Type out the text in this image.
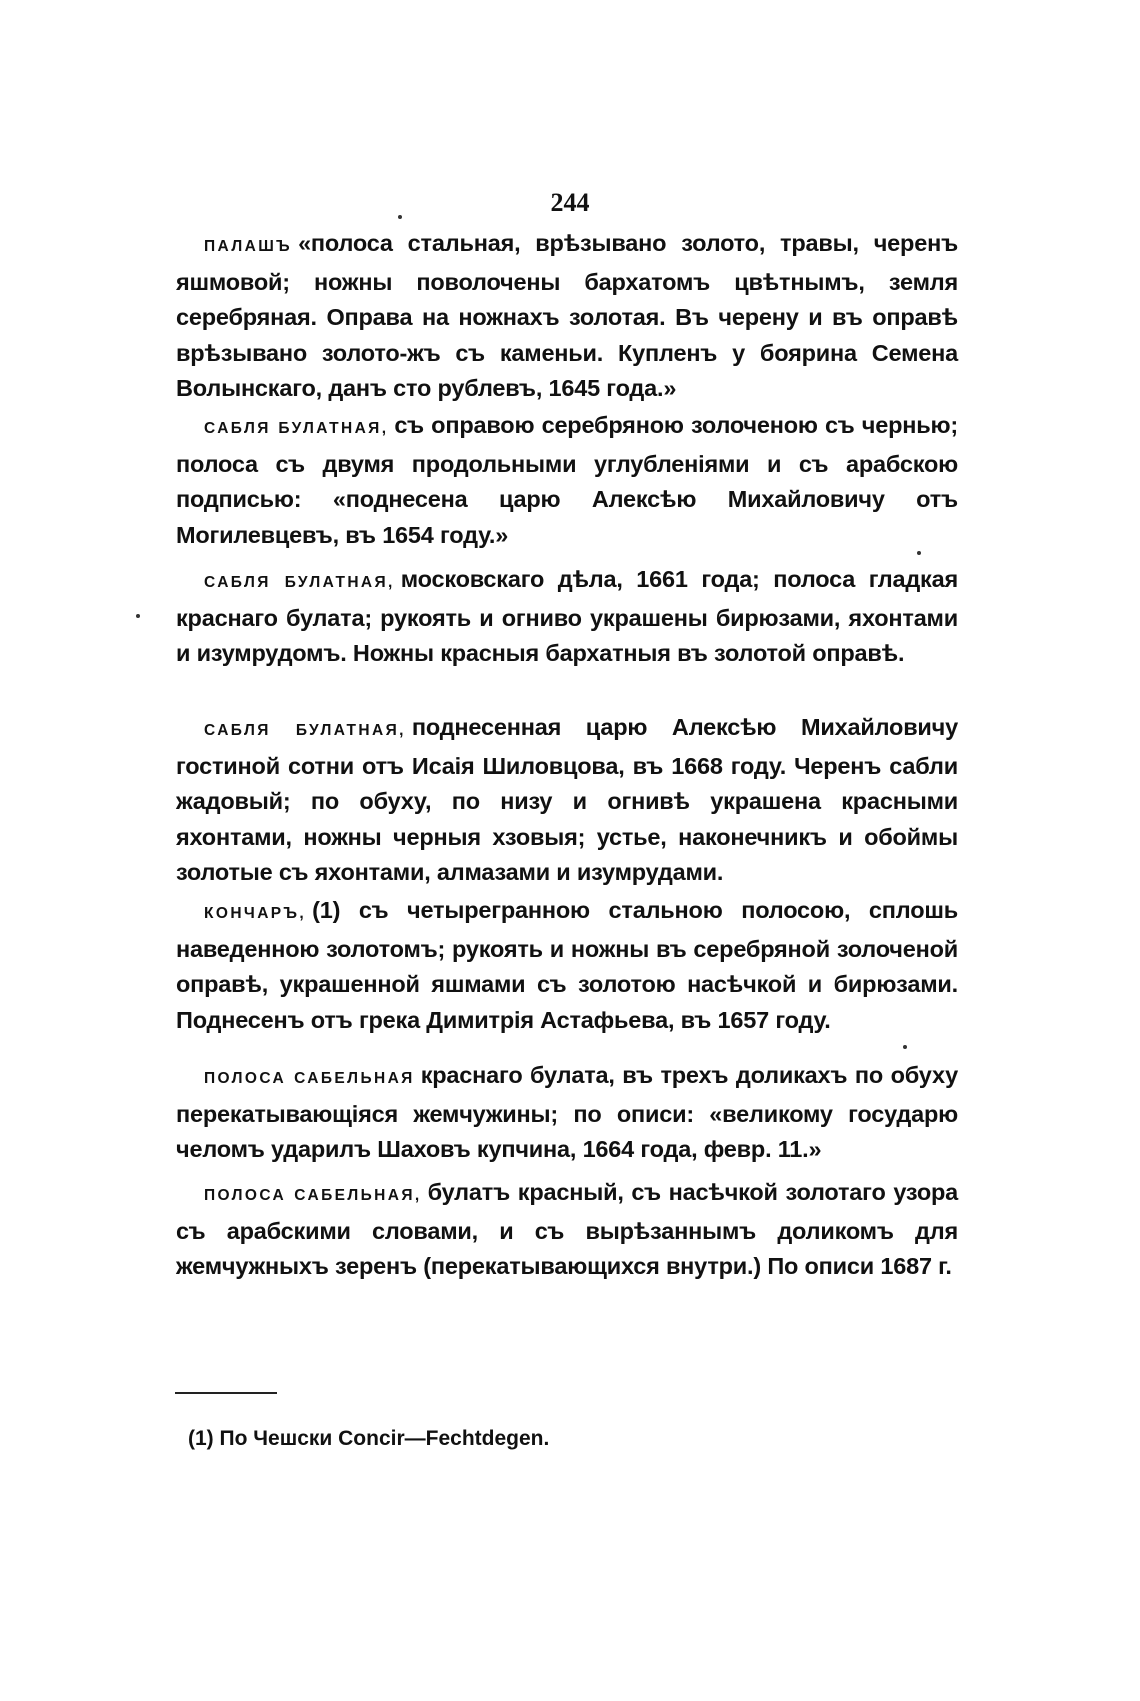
244

ПАЛАШЪ «полоса стальная, врѣзывано золото, травы, черенъ яшмовой; ножны поволочены бархатомъ цвѣтнымъ, земля серебряная. Оправа на ножнахъ золотая. Въ черену и въ оправѣ врѣзывано золото-жъ съ каменьи. Купленъ у боярина Семена Волынскаго, данъ сто рублевъ, 1645 года.»

САБЛЯ БУЛАТНАЯ, съ оправою серебряною золоченою съ чернью; полоса съ двумя продольными углубленіями и съ арабскою подписью: «поднесена царю Алексѣю Михайловичу отъ Могилевцевъ, въ 1654 году.»

САБЛЯ БУЛАТНАЯ, московскаго дѣла, 1661 года; полоса гладкая краснаго булата; рукоять и огниво украшены бирюзами, яхонтами и изумрудомъ. Ножны красныя бархатныя въ золотой оправѣ.

САБЛЯ БУЛАТНАЯ, поднесенная царю Алексѣю Михайловичу гостиной сотни отъ Исаія Шиловцова, въ 1668 году. Черенъ сабли жадовый; по обуху, по низу и огнивѣ украшена красными яхонтами, ножны черныя хзовыя; устье, наконечникъ и обоймы золотые съ яхонтами, алмазами и изумрудами.

КОНЧАРЪ, (1) съ четырегранною стальною полосою, сплошь наведенною золотомъ; рукоять и ножны въ серебряной золоченой оправѣ, украшенной яшмами съ золотою насѣчкой и бирюзами. Поднесенъ отъ грека Димитрія Астафьева, въ 1657 году.

ПОЛОСА САБЕЛЬНАЯ краснаго булата, въ трехъ доликахъ по обуху перекатывающіяся жемчужины; по описи: «великому государю челомъ ударилъ Шаховъ купчина, 1664 года, февр. 11.»

ПОЛОСА САБЕЛЬНАЯ, булатъ красный, съ насѣчкой золотаго узора съ арабскими словами, и съ вырѣзаннымъ доликомъ для жемчужныхъ зеренъ (перекатывающихся внутри.) По описи 1687 г.

(1) По Чешски Concir—Fechtdegen.
